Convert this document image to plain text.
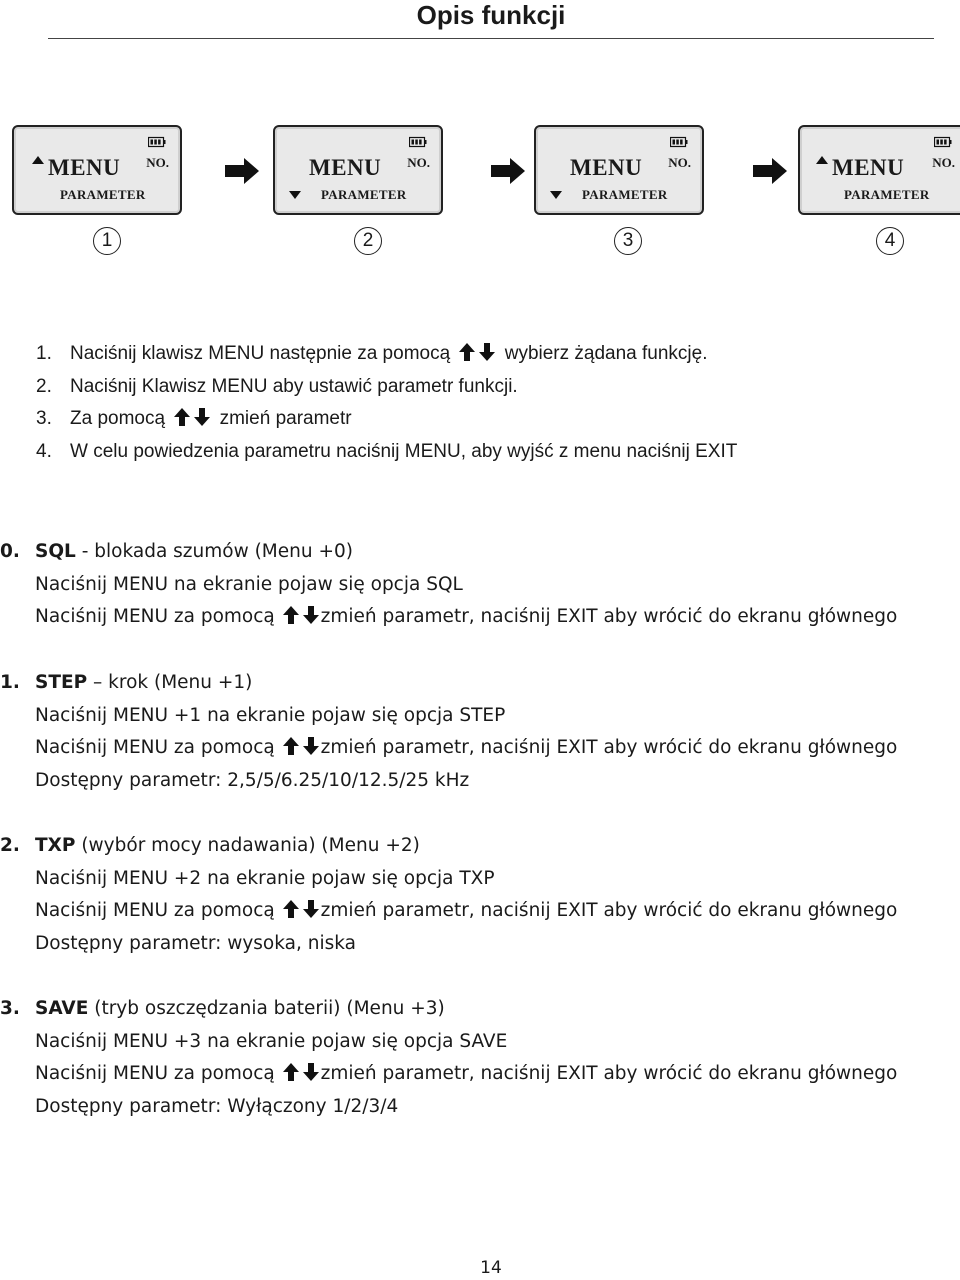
Opis funkcji
MENU NO.
PARAMETER
MENU NO.
PARAMETER
MENU NO.
PARAMETER
MENU NO.
PARAMETER
1	2	3	4
1. Naciśnij klawisz MENU następnie za pomocą	wybierz żądana funkcję.
2. Naciśnij Klawisz MENU aby ustawić parametr funkcji.
3. Za pomocą	zmień parametr
4. W celu powiedzenia parametru naciśnij MENU, aby wyjść z menu naciśnij EXIT
0. SQL - blokada szumów (Menu +0)
Naciśnij MENU na ekranie pojaw się opcja SQL
Naciśnij MENU za pomocą zmień parametr, naciśnij EXIT aby wrócić do ekranu głównego
1. STEP – krok (Menu +1)
Naciśnij MENU +1 na ekranie pojaw się opcja STEP
Naciśnij MENU za pomocą zmień parametr, naciśnij EXIT aby wrócić do ekranu głównego
Dostępny parametr: 2,5/5/6.25/10/12.5/25 kHz
2. TXP (wybór mocy nadawania) (Menu +2)
Naciśnij MENU +2 na ekranie pojaw się opcja TXP
Naciśnij MENU za pomocą zmień parametr, naciśnij EXIT aby wrócić do ekranu głównego
Dostępny parametr: wysoka, niska
3. SAVE (tryb oszczędzania baterii) (Menu +3)
Naciśnij MENU +3 na ekranie pojaw się opcja SAVE
Naciśnij MENU za pomocą zmień parametr, naciśnij EXIT aby wrócić do ekranu głównego
Dostępny parametr: Wyłączony 1/2/3/4
14
